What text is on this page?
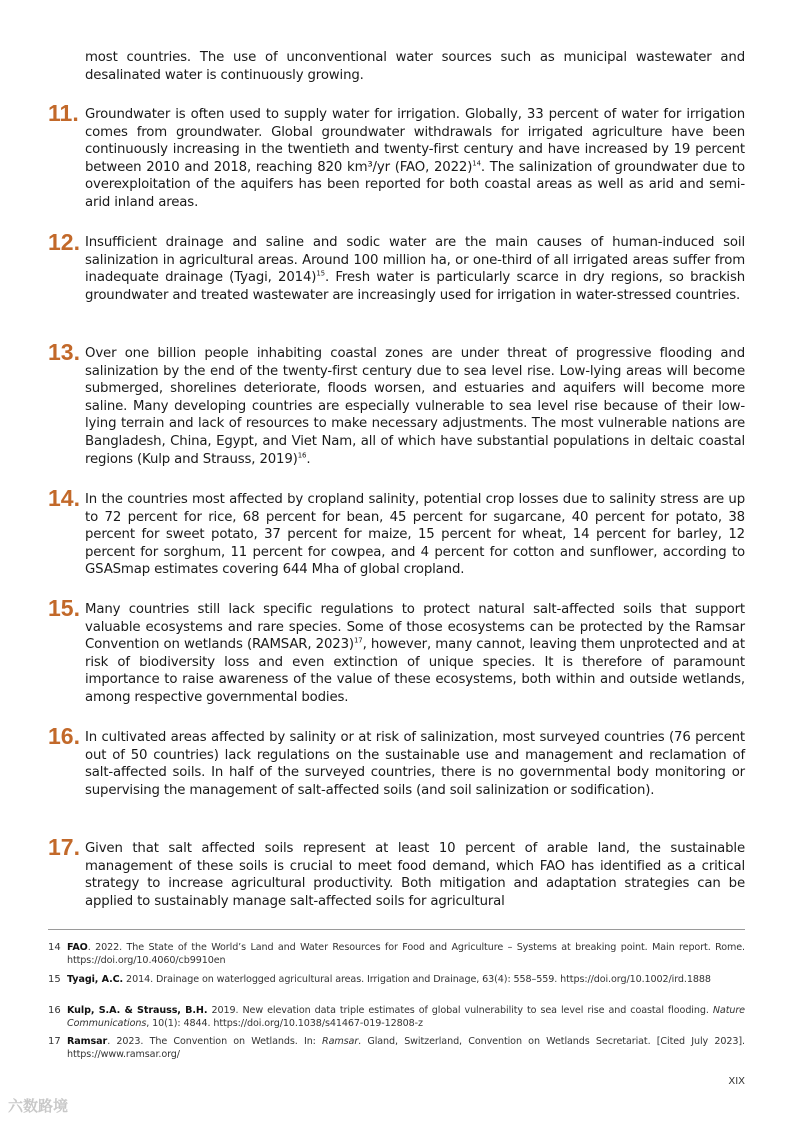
most countries. The use of unconventional water sources such as municipal wastewater and desalinated water is continuously growing.
11. Groundwater is often used to supply water for irrigation. Globally, 33 percent of water for irrigation comes from groundwater. Global groundwater withdrawals for irrigated agriculture have been continuously increasing in the twentieth and twenty-first century and have increased by 19 percent between 2010 and 2018, reaching 820 km³/yr (FAO, 2022)$^{14}$. The salinization of groundwater due to overexploitation of the aquifers has been reported for both coastal areas as well as arid and semi-arid inland areas.
12. Insufficient drainage and saline and sodic water are the main causes of human-induced soil salinization in agricultural areas. Around 100 million ha, or one-third of all irrigated areas suffer from inadequate drainage (Tyagi, 2014)$^{15}$. Fresh water is particularly scarce in dry regions, so brackish groundwater and treated wastewater are increasingly used for irrigation in water-stressed countries.
13. Over one billion people inhabiting coastal zones are under threat of progressive flooding and salinization by the end of the twenty-first century due to sea level rise. Low-lying areas will become submerged, shorelines deteriorate, floods worsen, and estuaries and aquifers will become more saline. Many developing countries are especially vulnerable to sea level rise because of their low-lying terrain and lack of resources to make necessary adjustments. The most vulnerable nations are Bangladesh, China, Egypt, and Viet Nam, all of which have substantial populations in deltaic coastal regions (Kulp and Strauss, 2019)$^{16}$.
14. In the countries most affected by cropland salinity, potential crop losses due to salinity stress are up to 72 percent for rice, 68 percent for bean, 45 percent for sugarcane, 40 percent for potato, 38 percent for sweet potato, 37 percent for maize, 15 percent for wheat, 14 percent for barley, 12 percent for sorghum, 11 percent for cowpea, and 4 percent for cotton and sunflower, according to GSASmap estimates covering 644 Mha of global cropland.
15. Many countries still lack specific regulations to protect natural salt-affected soils that support valuable ecosystems and rare species. Some of those ecosystems can be protected by the Ramsar Convention on wetlands (RAMSAR, 2023)$^{17}$, however, many cannot, leaving them unprotected and at risk of biodiversity loss and even extinction of unique species. It is therefore of paramount importance to raise awareness of the value of these ecosystems, both within and outside wetlands, among respective governmental bodies.
16. In cultivated areas affected by salinity or at risk of salinization, most surveyed countries (76 percent out of 50 countries) lack regulations on the sustainable use and management and reclamation of salt-affected soils. In half of the surveyed countries, there is no governmental body monitoring or supervising the management of salt-affected soils (and soil salinization or sodification).
17. Given that salt affected soils represent at least 10 percent of arable land, the sustainable management of these soils is crucial to meet food demand, which FAO has identified as a critical strategy to increase agricultural productivity. Both mitigation and adaptation strategies can be applied to sustainably manage salt-affected soils for agricultural
14 FAO. 2022. The State of the World’s Land and Water Resources for Food and Agriculture – Systems at breaking point. Main report. Rome. https://doi.org/10.4060/cb9910en
15 Tyagi, A.C. 2014. Drainage on waterlogged agricultural areas. Irrigation and Drainage, 63(4): 558–559. https://doi.org/10.1002/ird.1888
16 Kulp, S.A. & Strauss, B.H. 2019. New elevation data triple estimates of global vulnerability to sea level rise and coastal flooding. Nature Communications, 10(1): 4844. https://doi.org/10.1038/s41467-019-12808-z
17 Ramsar. 2023. The Convention on Wetlands. In: Ramsar. Gland, Switzerland, Convention on Wetlands Secretariat. [Cited July 2023]. https://www.ramsar.org/
XIX
六数路境
